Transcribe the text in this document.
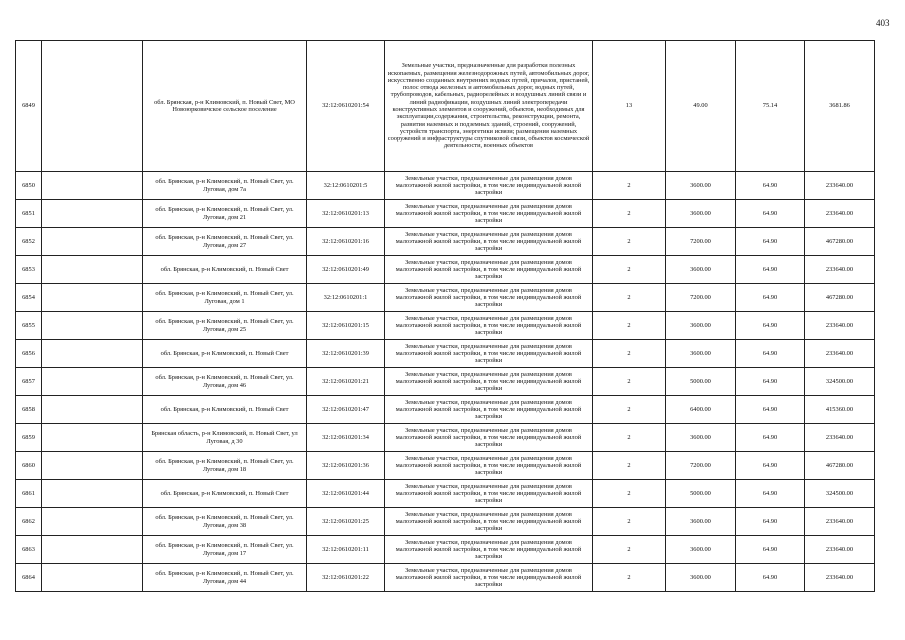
403
6849		обл. Брянская, р-н Климовский, п. Новый Свет, МО Новоюрковичское сельское поселение	32:12:0610201:54	Земельные участки, предназначенные для разработки полезных ископаемых, размещения железнодорожных путей, автомобильных дорог, искусственно созданных внутренних водных путей, причалов, пристаней, полос отвода железных и автомобильных дорог, водных путей, трубопроводов, кабельных, радиорелейных и воздушных линий связи и линий радиофикации, воздушных линий электропередачи конструктивных элементов и сооружений, объектов, необходимых для эксплуатации,содержания, строительства, реконструкции, ремонта, развития наземных и подземных зданий, строений, сооружений, устройств транспорта, энергетики исвязи; размещения наземных сооружений и инфраструктуры спутниковой связи, объектов космической деятельности, военных объектов	13	49.00	75.14	3681.86
6850		обл. Брянская, р-н Климовский, п. Новый Свет, ул. Луговая, дом 7а	32:12:0610201:5	Земельные участки, предназначенные для размещения домов малоэтажной жилой застройки, в том числе индивидуальной жилой застройки	2	3600.00	64.90	233640.00
6851		обл. Брянская, р-н Климовский, п. Новый Свет, ул. Луговая, дом 21	32:12:0610201:13	Земельные участки, предназначенные для размещения домов малоэтажной жилой застройки, в том числе индивидуальной жилой застройки	2	3600.00	64.90	233640.00
6852		обл. Брянская, р-н Климовский, п. Новый Свет, ул. Луговая, дом 27	32:12:0610201:16	Земельные участки, предназначенные для размещения домов малоэтажной жилой застройки, в том числе индивидуальной жилой застройки	2	7200.00	64.90	467280.00
6853		обл. Брянская, р-н Климовский, п. Новый Свет	32:12:0610201:49	Земельные участки, предназначенные для размещения домов малоэтажной жилой застройки, в том числе индивидуальной жилой застройки	2	3600.00	64.90	233640.00
6854		обл. Брянская, р-н Климовский, п. Новый Свет, ул. Луговая, дом 1	32:12:0610201:1	Земельные участки, предназначенные для размещения домов малоэтажной жилой застройки, в том числе индивидуальной жилой застройки	2	7200.00	64.90	467280.00
6855		обл. Брянская, р-н Климовский, п. Новый Свет, ул. Луговая, дом 25	32:12:0610201:15	Земельные участки, предназначенные для размещения домов малоэтажной жилой застройки, в том числе индивидуальной жилой застройки	2	3600.00	64.90	233640.00
6856		обл. Брянская, р-н Климовский, п. Новый Свет	32:12:0610201:39	Земельные участки, предназначенные для размещения домов малоэтажной жилой застройки, в том числе индивидуальной жилой застройки	2	3600.00	64.90	233640.00
6857		обл. Брянская, р-н Климовский, п. Новый Свет, ул. Луговая, дом 46	32:12:0610201:21	Земельные участки, предназначенные для размещения домов малоэтажной жилой застройки, в том числе индивидуальной жилой застройки	2	5000.00	64.90	324500.00
6858		обл. Брянская, р-н Климовский, п. Новый Свет	32:12:0610201:47	Земельные участки, предназначенные для размещения домов малоэтажной жилой застройки, в том числе индивидуальной жилой застройки	2	6400.00	64.90	415360.00
6859		Брянская область, р-н Климовский, п. Новый Свет, ул Луговая, д 30	32:12:0610201:34	Земельные участки, предназначенные для размещения домов малоэтажной жилой застройки, в том числе индивидуальной жилой застройки	2	3600.00	64.90	233640.00
6860		обл. Брянская, р-н Климовский, п. Новый Свет, ул. Луговая, дом 18	32:12:0610201:36	Земельные участки, предназначенные для размещения домов малоэтажной жилой застройки, в том числе индивидуальной жилой застройки	2	7200.00	64.90	467280.00
6861		обл. Брянская, р-н Климовский, п. Новый Свет	32:12:0610201:44	Земельные участки, предназначенные для размещения домов малоэтажной жилой застройки, в том числе индивидуальной жилой застройки	2	5000.00	64.90	324500.00
6862		обл. Брянская, р-н Климовский, п. Новый Свет, ул. Луговая, дом 38	32:12:0610201:25	Земельные участки, предназначенные для размещения домов малоэтажной жилой застройки, в том числе индивидуальной жилой застройки	2	3600.00	64.90	233640.00
6863		обл. Брянская, р-н Климовский, п. Новый Свет, ул. Луговая, дом 17	32:12:0610201:11	Земельные участки, предназначенные для размещения домов малоэтажной жилой застройки, в том числе индивидуальной жилой застройки	2	3600.00	64.90	233640.00
6864		обл. Брянская, р-н Климовский, п. Новый Свет, ул. Луговая, дом 44	32:12:0610201:22	Земельные участки, предназначенные для размещения домов малоэтажной жилой застройки, в том числе индивидуальной жилой застройки	2	3600.00	64.90	233640.00
